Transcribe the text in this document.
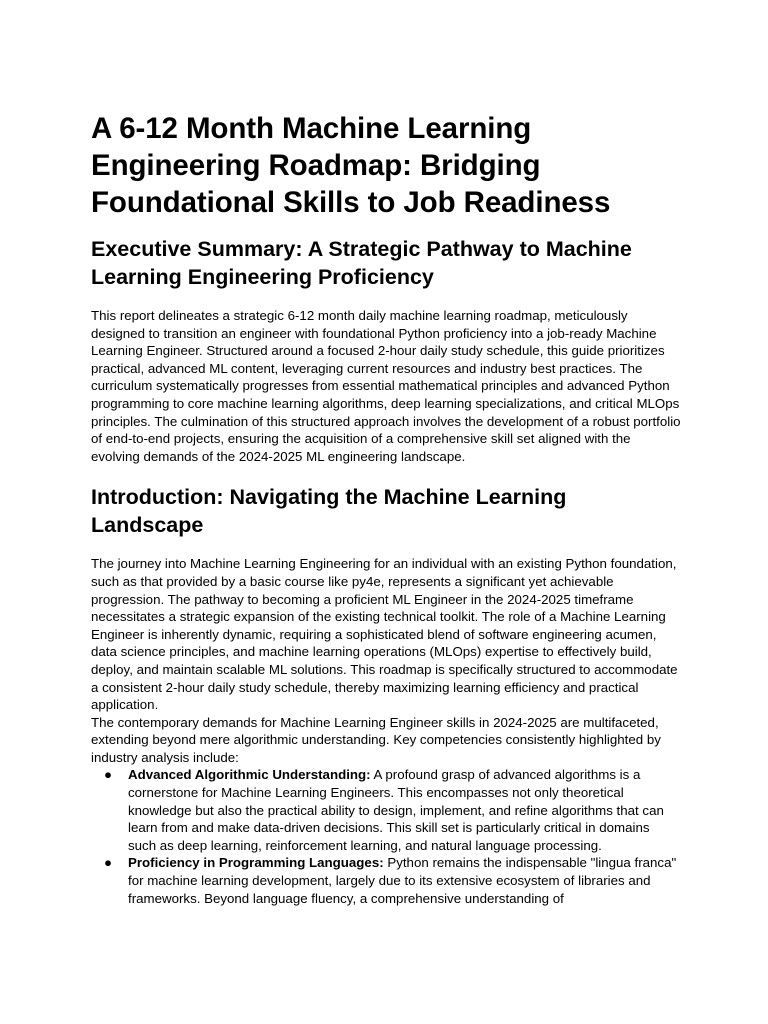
A 6-12 Month Machine Learning Engineering Roadmap: Bridging Foundational Skills to Job Readiness
Executive Summary: A Strategic Pathway to Machine Learning Engineering Proficiency

This report delineates a strategic 6-12 month daily machine learning roadmap, meticulously designed to transition an engineer with foundational Python proficiency into a job-ready Machine Learning Engineer. Structured around a focused 2-hour daily study schedule, this guide prioritizes practical, advanced ML content, leveraging current resources and industry best practices. The curriculum systematically progresses from essential mathematical principles and advanced Python programming to core machine learning algorithms, deep learning specializations, and critical MLOps principles. The culmination of this structured approach involves the development of a robust portfolio of end-to-end projects, ensuring the acquisition of a comprehensive skill set aligned with the evolving demands of the 2024-2025 ML engineering landscape.

Introduction: Navigating the Machine Learning Landscape

The journey into Machine Learning Engineering for an individual with an existing Python foundation, such as that provided by a basic course like py4e, represents a significant yet achievable progression. The pathway to becoming a proficient ML Engineer in the 2024-2025 timeframe necessitates a strategic expansion of the existing technical toolkit. The role of a Machine Learning Engineer is inherently dynamic, requiring a sophisticated blend of software engineering acumen, data science principles, and machine learning operations (MLOps) expertise to effectively build, deploy, and maintain scalable ML solutions. This roadmap is specifically structured to accommodate a consistent 2-hour daily study schedule, thereby maximizing learning efficiency and practical application.

The contemporary demands for Machine Learning Engineer skills in 2024-2025 are multifaceted, extending beyond mere algorithmic understanding. Key competencies consistently highlighted by industry analysis include:

● Advanced Algorithmic Understanding: A profound grasp of advanced algorithms is a cornerstone for Machine Learning Engineers. This encompasses not only theoretical knowledge but also the practical ability to design, implement, and refine algorithms that can learn from and make data-driven decisions. This skill set is particularly critical in domains such as deep learning, reinforcement learning, and natural language processing.
● Proficiency in Programming Languages: Python remains the indispensable "lingua franca" for machine learning development, largely due to its extensive ecosystem of libraries and frameworks. Beyond language fluency, a comprehensive understanding of
